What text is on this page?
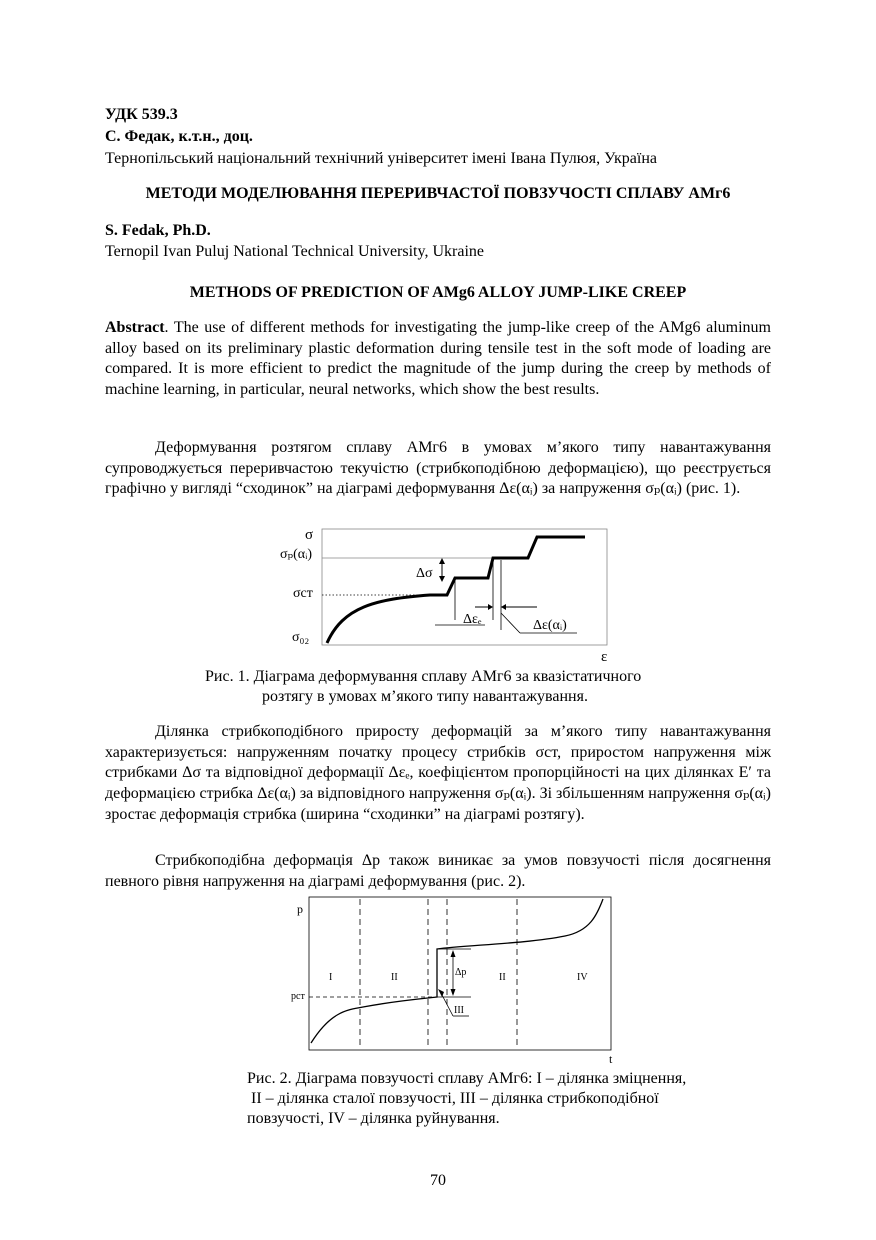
УДК 539.3
С. Федак, к.т.н., доц.
Тернопільський національний технічний університет імені Івана Пулюя, Україна
МЕТОДИ МОДЕЛЮВАННЯ ПЕРЕРИВЧАСТОЇ ПОВЗУЧОСТІ СПЛАВУ АМг6
S. Fedak, Ph.D.
Ternopil Ivan Puluj National Technical University, Ukraine
METHODS OF PREDICTION OF AMg6 ALLOY JUMP-LIKE CREEP
Abstract. The use of different methods for investigating the jump-like creep of the AMg6 aluminum alloy based on its preliminary plastic deformation during tensile test in the soft mode of loading are compared. It is more efficient to predict the magnitude of the jump during the creep by methods of machine learning, in particular, neural networks, which show the best results.
Деформування розтягом сплаву АМг6 в умовах м’якого типу навантажування супроводжується переривчастою текучістю (стрибкоподібною деформацією), що реєструється графічно у вигляді “сходинок” на діаграмі деформування Δε(αᵢ) за напруження σₚ(αᵢ) (рис. 1).
σ
σₚ(αᵢ)
σст
σ₀₂
ε
Δσ
Δεₑ	Δε(αᵢ)
Рис. 1. Діаграма деформування сплаву АМг6 за квазістатичного
розтягу в умовах м’якого типу навантажування.
Ділянка стрибкоподібного приросту деформацій за м’якого типу навантажування характеризується: напруженням початку процесу стрибків σст, приростом напруження між стрибками Δσ та відповідної деформації Δεₑ, коефіцієнтом пропорційності на цих ділянках E′ та деформацією стрибка Δε(αᵢ) за відповідного напруження σₚ(αᵢ). Зі збільшенням напруження σₚ(αᵢ) зростає деформація стрибка (ширина “сходинки” на діаграмі розтягу).
Стрибкоподібна деформація Δp також виникає за умов повзучості після досягнення певного рівня напруження на діаграмі деформування (рис. 2).
p
t
pст
Δp
I	II	II	IV
III
Рис. 2. Діаграма повзучості сплаву АМг6: I – ділянка зміцнення,
II – ділянка сталої повзучості, III – ділянка стрибкоподібної
повзучості, IV – ділянка руйнування.
70
